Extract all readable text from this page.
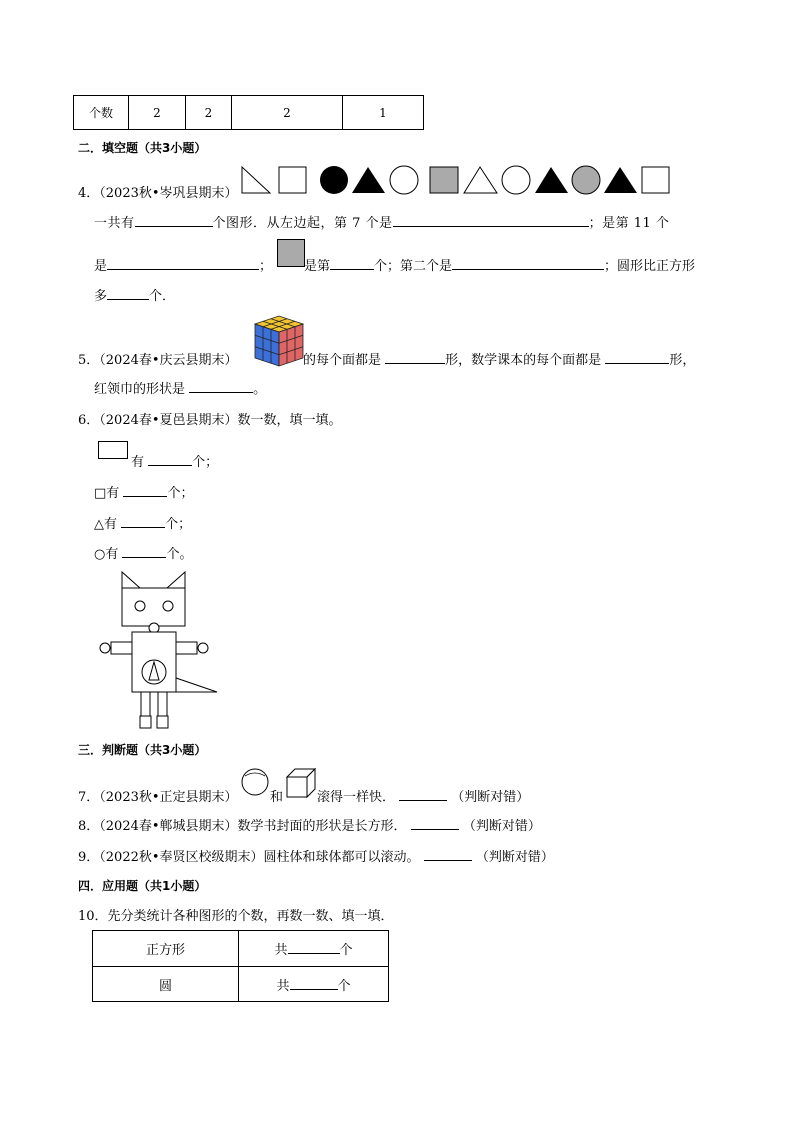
个数	2	2	2	1
二．填空题（共3小题）
4．（2023秋•岑巩县期末）
一共有	个图形．从左边起，第 7 个是	；是第 11 个
是	； 是第	个；第二个是	；圆形比正方形
多	个．
5．（2024春•庆云县期末）	的每个面都是	形，数学课本的每个面都是	形，
红领巾的形状是	。
6．（2024春•夏邑县期末）数一数，填一填。
有	个；
□有	个；
△有	个；
○有	个。
三．判断题（共3小题）
7．（2023秋•正定县期末） 和	滚得一样快．	（判断对错）
8．（2024春•郸城县期末）数学书封面的形状是长方形．	（判断对错）
9．（2022秋•奉贤区校级期末）圆柱体和球体都可以滚动。	（判断对错）
四．应用题（共1小题）
10．先分类统计各种图形的个数，再数一数、填一填．
正方形	共 个
圆	共 个
